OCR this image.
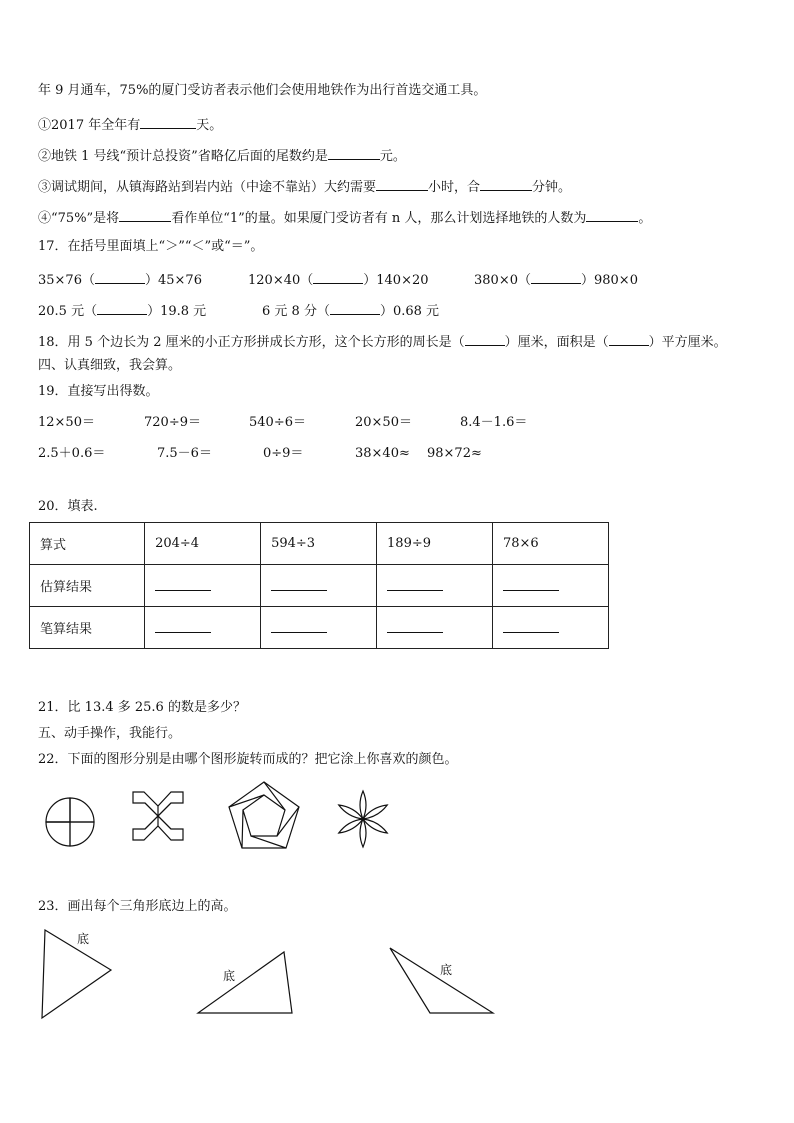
年 9 月通车，75%的厦门受访者表示他们会使用地铁作为出行首选交通工具。
①2017 年全年有	天。
②地铁 1 号线“预计总投资”省略亿后面的尾数约是	元。
③调试期间，从镇海路站到岩内站（中途不靠站）大约需要	小时，合	分钟。
④“75%”是将	看作单位“1”的量。如果厦门受访者有 n 人，那么计划选择地铁的人数为	。
17．在括号里面填上“＞”“＜”或“＝”。
35×76（	）45×76	120×40（	）140×20	380×0（	）980×0
20.5 元（	）19.8 元	6 元 8 分（	）0.68 元
18．用 5 个边长为 2 厘米的小正方形拼成长方形，这个长方形的周长是（	）厘米，面积是（	）平方厘米。
四、认真细致，我会算。
19．直接写出得数。
12×50＝	720÷9＝	540÷6＝	20×50＝	8.4－1.6＝
2.5＋0.6＝	7.5－6＝	0÷9＝	38×40≈ 98×72≈
20．填表.
算式	204÷4	594÷3	189÷9	78×6
估算结果				
笔算结果				
21．比 13.4 多 25.6 的数是多少？
五、动手操作，我能行。
22．下面的图形分别是由哪个图形旋转而成的？把它涂上你喜欢的颜色。
23．画出每个三角形底边上的高。
底
底	底
